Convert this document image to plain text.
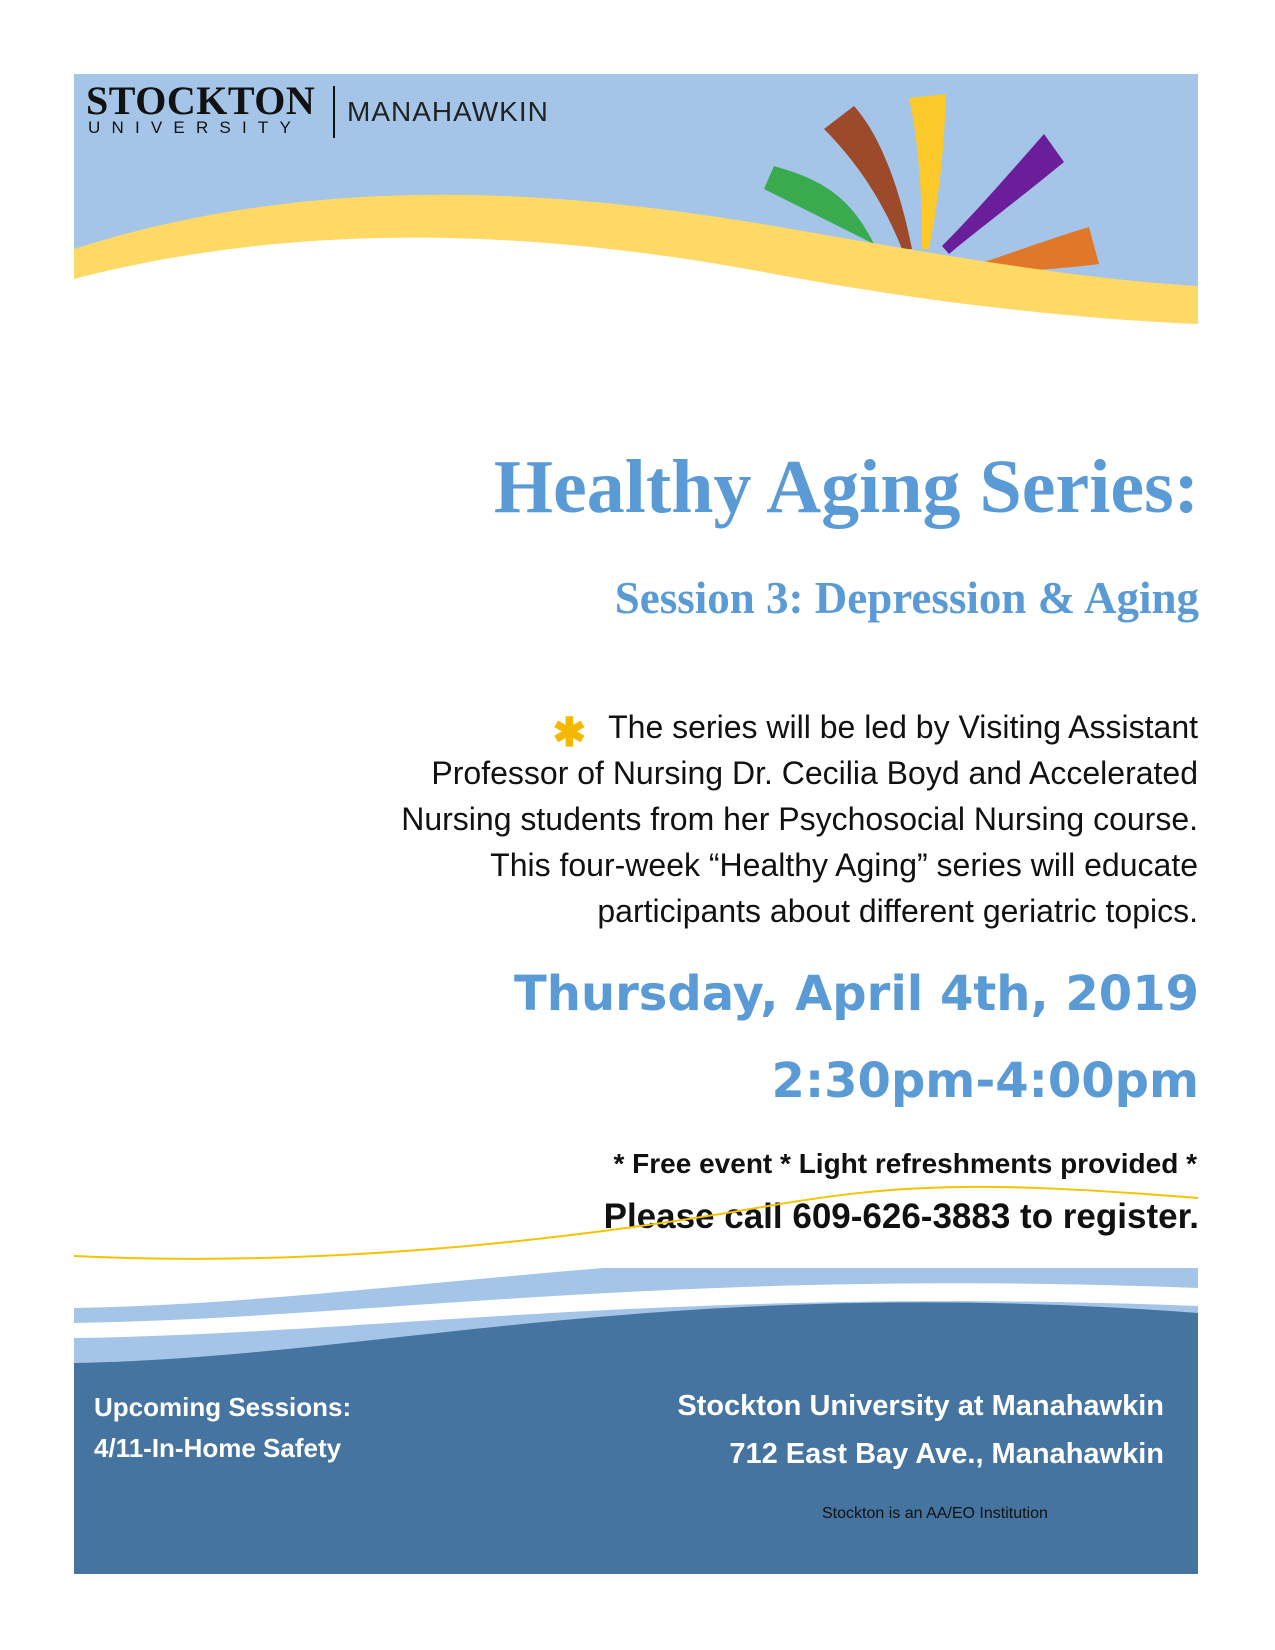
STOCKTON
UNIVERSITY
MANAHAWKIN
Healthy Aging Series:
Session 3: Depression & Aging
✱ The series will be led by Visiting Assistant
Professor of Nursing Dr. Cecilia Boyd and Accelerated
Nursing students from her Psychosocial Nursing course.
This four-week “Healthy Aging” series will educate
participants about different geriatric topics.
Thursday, April 4th, 2019
2:30pm-4:00pm
* Free event * Light refreshments provided *
Please call 609-626-3883 to register.
Upcoming Sessions:
4/11-In-Home Safety
Stockton University at Manahawkin
712 East Bay Ave., Manahawkin
Stockton is an AA/EO Institution
